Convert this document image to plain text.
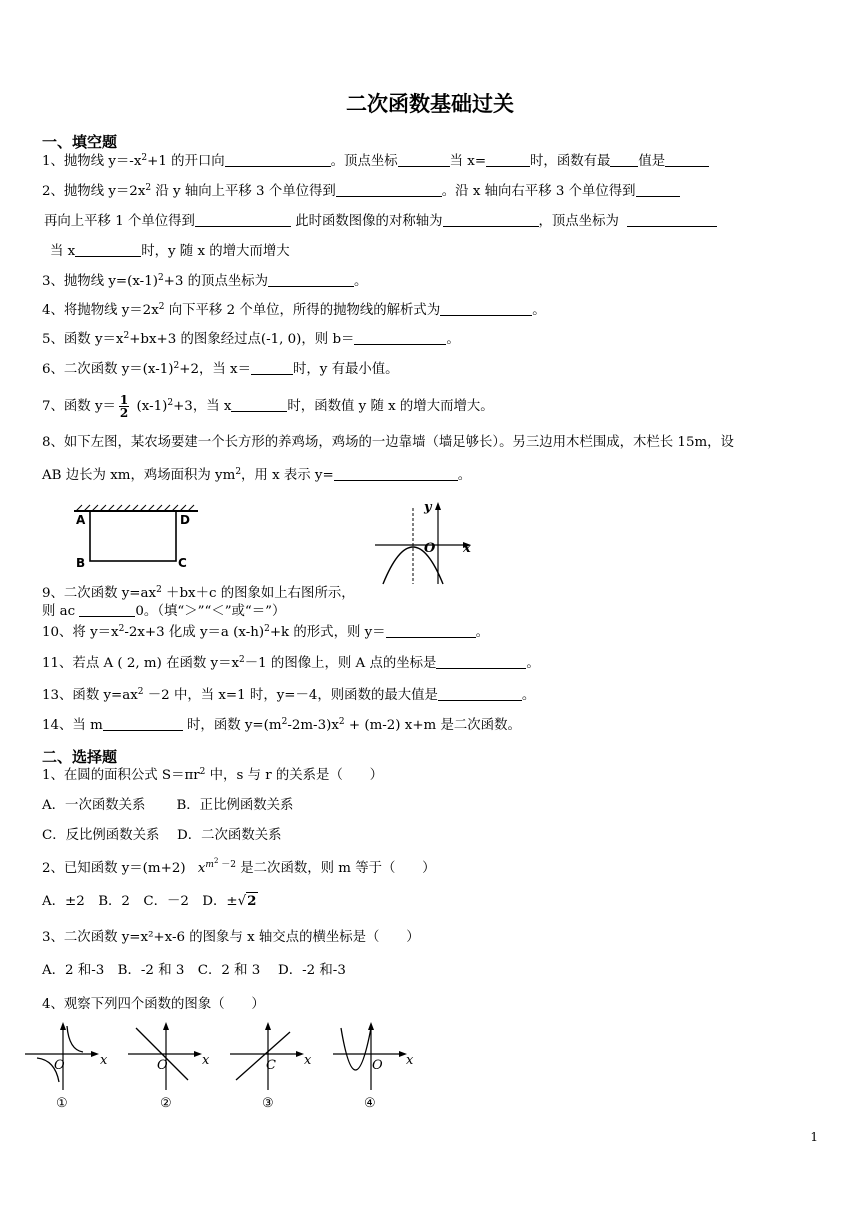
二次函数基础过关
一、填空题
1、抛物线 $y=-x^2+1$ 的开口向	。顶点坐标	当 x=	时，函数有最 值是
2、抛物线 $y=2x^2$ 沿 y 轴向上平移 3 个单位得到	。沿 x 轴向右平移 3 个单位得到
再向上平移 1 个单位得到	此时函数图像的对称轴为	，顶点坐标为
当 x	时，y 随 x 的增大而增大
3、抛物线 $y=(x-1)^2+3$ 的顶点坐标为	。
4、将抛物线 $y=2x^2$ 向下平移 2 个单位，所得的抛物线的解析式为	。
5、函数 $y=x^2+bx+3$ 的图象经过点(-1, 0)，则 b＝	。
6、二次函数 $y=(x-1)^2+2$，当 x＝	时，y 有最小值。
7、函数 $y= \frac{1}{2} (x-1)^2+3$，当 x	时，函数值 y 随 x 的增大而增大。
8、如下左图，某农场要建一个长方形的养鸡场，鸡场的一边靠墙（墙足够长）。另三边用木栏围成，木栏长 15m，设
AB 边长为 xm，鸡场面积为 $ym^2$，用 x 表示 y=	。
A	D
B	C
y
x
O
9、二次函数 $y=ax^2 +bx+c$ 的图象如上右图所示，
则 ac	0。（填“＞”“＜”或“＝”）
10、将 $y=x^2-2x+3$ 化成 y＝a $(x-h)^2+k$ 的形式，则 y＝	。
11、若点 A ( 2, m) 在函数 $y=x^2-1$ 的图像上，则 A 点的坐标是	。
13、函数 $y=ax^2 -2$ 中，当 x=1 时，y=－4，则函数的最大值是	。
14、当 m	时，函数 $y=(m^2-2m-3)x^2 + (m-2)$ x+m 是二次函数。
二、选择题
1、在圆的面积公式 $S=\pi r^2$ 中，s 与 r 的关系是（　　）
A．一次函数关系　　 B．正比例函数关系
C．反比例函数关系　 D．二次函数关系
2、已知函数 y＝(m+2) $x^{m2}$ $^{-2}$ 是二次函数，则 m 等于（　　）
A．±2　B．2　C．－2　D．±√2
3、二次函数 y=x²+x-6 的图象与 x 轴交点的横坐标是（　　）
A．2 和-3　B．-2 和 3　C．2 和 3　 D．-2 和-3
4、观察下列四个函数的图象（　　）
O	x
①
O	x
②
C x
③
O x
④
1
